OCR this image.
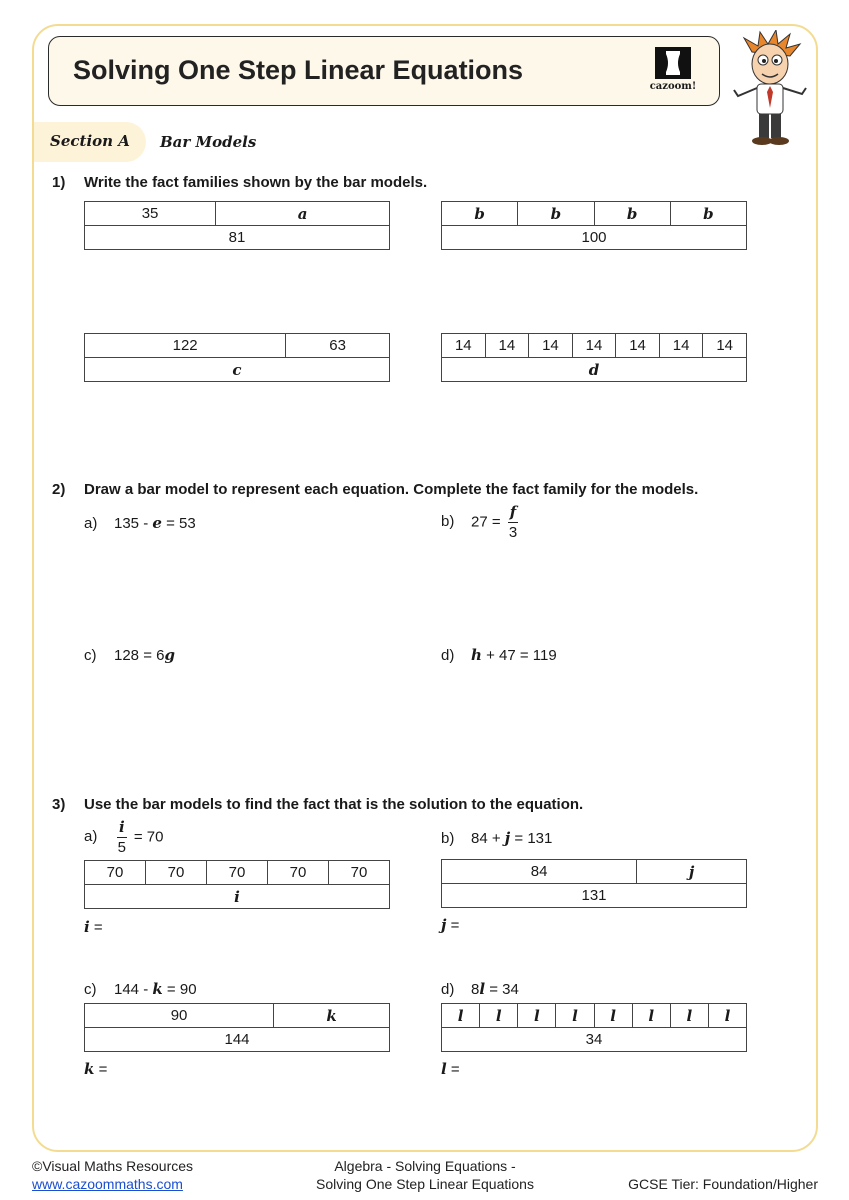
Solving One Step Linear Equations
cazoom!
Section A Bar Models
1) Write the fact families shown by the bar models.
35	a
81
b	b	b	b
100
122	63
c
14	14	14	14	14	14	14
d
2) Draw a bar model to represent each equation. Complete the fact family for the models.
a) 135 - e = 53	b) $27 = \frac{f}{3}$
c) 128 = 6g	d) h + 47 = 119
3) Use the bar models to find the fact that is the solution to the equation.
$a) \frac{i}{5} = 70$
70	70	70	70	70
i
i =
b) 84 + j = 131
84	j
131
j =
c) 144 - k = 90
90	k
144
k =
d) 8l = 34
l	l	l	l	l	l	l	l
34
l =
©Visual Maths Resources
www.cazoommaths.com
Algebra - Solving Equations -
Solving One Step Linear Equations	GCSE Tier: Foundation/Higher
